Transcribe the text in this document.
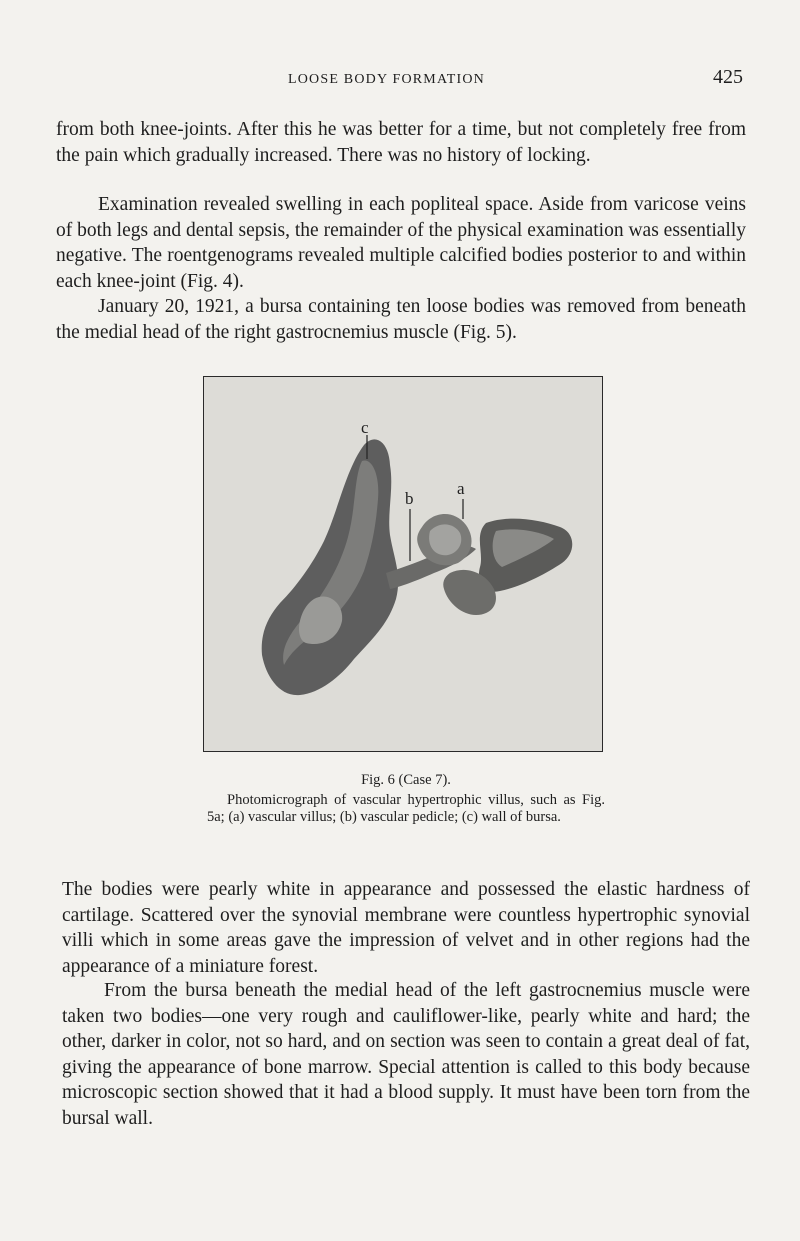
LOOSE BODY FORMATION	425

from both knee-joints. After this he was better for a time, but not completely free from the pain which gradually increased. There was no history of locking.

Examination revealed swelling in each popliteal space. Aside from varicose veins of both legs and dental sepsis, the remainder of the physical examination was essentially negative. The roentgenograms revealed multiple calcified bodies posterior to and within each knee-joint (Fig. 4).

January 20, 1921, a bursa containing ten loose bodies was removed from beneath the medial head of the right gastrocnemius muscle (Fig. 5).

c
b
a
Fig. 6 (Case 7).
Photomicrograph of vascular hypertrophic villus, such as Fig. 5a; (a) vascular villus; (b) vascular pedicle; (c) wall of bursa.

The bodies were pearly white in appearance and possessed the elastic hardness of cartilage. Scattered over the synovial membrane were countless hypertrophic synovial villi which in some areas gave the impression of velvet and in other regions had the appearance of a miniature forest.

From the bursa beneath the medial head of the left gastrocnemius muscle were taken two bodies—one very rough and cauliflower-like, pearly white and hard; the other, darker in color, not so hard, and on section was seen to contain a great deal of fat, giving the appearance of bone marrow. Special attention is called to this body because microscopic section showed that it had a blood supply. It must have been torn from the bursal wall.
